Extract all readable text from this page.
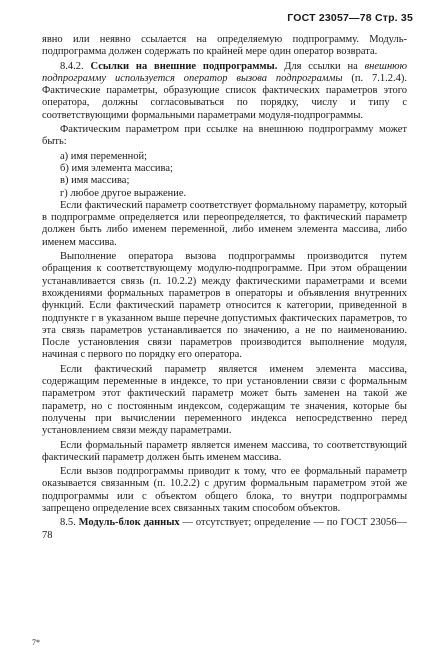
ГОСТ 23057—78 Стр. 35

явно или неявно ссылается на определяемую подпрограмму. Модуль-подпрограмма должен содержать по крайней мере один оператор возврата.

8.4.2. Ссылки на внешние подпрограммы. Для ссылки на внешнюю подпрограмму используется оператор вызова подпрограммы (п. 7.1.2.4). Фактические параметры, образующие список фактических параметров этого оператора, должны согласовываться по порядку, числу и типу с соответствующими формальными параметрами модуля-подпрограммы.

Фактическим параметром при ссылке на внешнюю подпрограмму может быть:

а) имя переменной;
б) имя элемента массива;
в) имя массива;
г) любое другое выражение.

Если фактический параметр соответствует формальному параметру, который в подпрограмме определяется или переопределяется, то фактический параметр должен быть либо именем переменной, либо именем элемента массива, либо именем массива.

Выполнение оператора вызова подпрограммы производится путем обращения к соответствующему модулю-подпрограмме. При этом обращении устанавливается связь (п. 10.2.2) между фактическими параметрами и всеми вхождениями формальных параметров в операторы и объявления внутренних функций. Если фактический параметр относится к категории, приведенной в подпункте г в указанном выше перечне допустимых фактических параметров, то эта связь параметров устанавливается по значению, а не по наименованию. После установления связи параметров производится выполнение модуля, начиная с первого по порядку его оператора.

Если фактический параметр является именем элемента массива, содержащим переменные в индексе, то при установлении связи с формальным параметром этот фактический параметр может быть заменен на такой же параметр, но с постоянным индексом, содержащим те значения, которые бы получены при вычислении переменного индекса непосредственно перед установлением связи между параметрами.

Если формальный параметр является именем массива, то соответствующий фактический параметр должен быть именем массива.

Если вызов подпрограммы приводит к тому, что ее формальный параметр оказывается связанным (п. 10.2.2) с другим формальным параметром этой же подпрограммы или с объектом общего блока, то внутри подпрограммы запрещено определение всех связанных таким способом объектов.

8.5. Модуль-блок данных — отсутствует; определение — по ГОСТ 23056—78

7*
